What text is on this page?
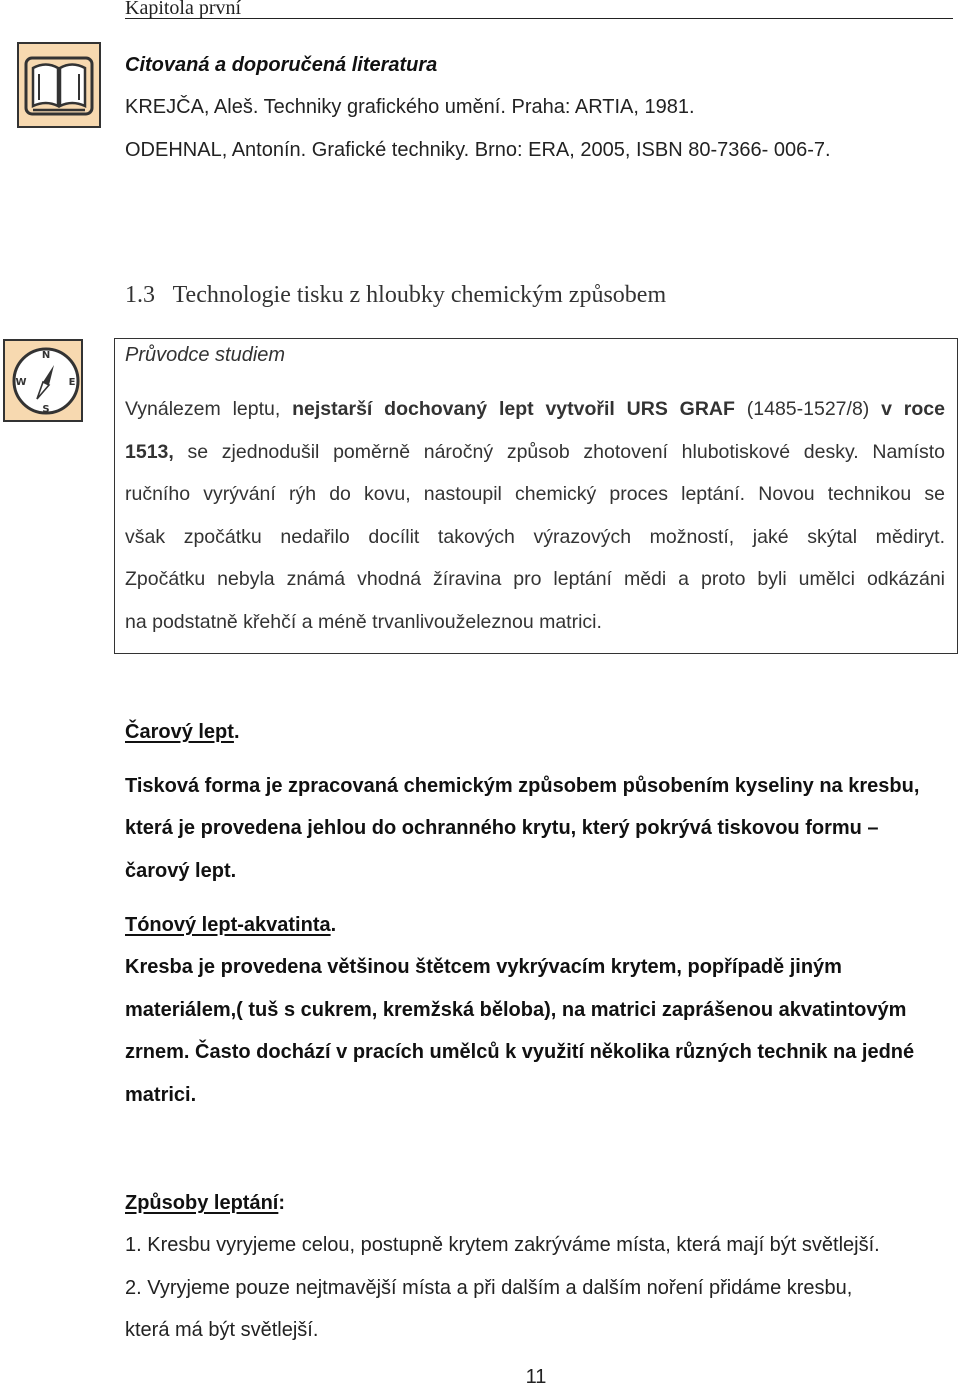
Kapitola první
Citovaná a doporučená literatura
KREJČA, Aleš. Techniky grafického umění. Praha: ARTIA, 1981.
ODEHNAL, Antonín. Grafické techniky. Brno: ERA, 2005, ISBN 80-7366- 006-7.
1.3   Technologie tisku z hloubky chemickým způsobem
N
S
E
W
Průvodce studiem
Vynálezem leptu, nejstarší dochovaný lept vytvořil URS GRAF (1485-1527/8) v roce
1513, se zjednodušil poměrně náročný způsob zhotovení hlubotiskové desky. Namísto
ručního vyrývání rýh do kovu, nastoupil chemický proces leptání. Novou technikou se
však zpočátku nedařilo docílit takových výrazových možností, jaké skýtal mědiryt.
Zpočátku nebyla známá vhodná žíravina pro leptání mědi a proto byli umělci odkázáni
na podstatně křehčí a méně trvanlivouželeznou matrici.
Čarový lept.
Tisková forma je zpracovaná chemickým způsobem působením kyseliny na kresbu,
která je provedena jehlou do ochranného krytu, který pokrývá tiskovou formu –
čarový lept.
Tónový lept-akvatinta.
Kresba je provedena většinou štětcem vykrývacím krytem, popřípadě jiným
materiálem,( tuš s cukrem, kremžská běloba), na matrici zaprášenou akvatintovým
zrnem. Často dochází v pracích umělců k využití několika různých technik na jedné
matrici.
Způsoby leptání:
1. Kresbu vyryjeme celou, postupně krytem zakrýváme místa, která mají být světlejší.
2. Vyryjeme pouze nejtmavější místa a při dalším a dalším noření přidáme kresbu,
která má být světlejší.
11
